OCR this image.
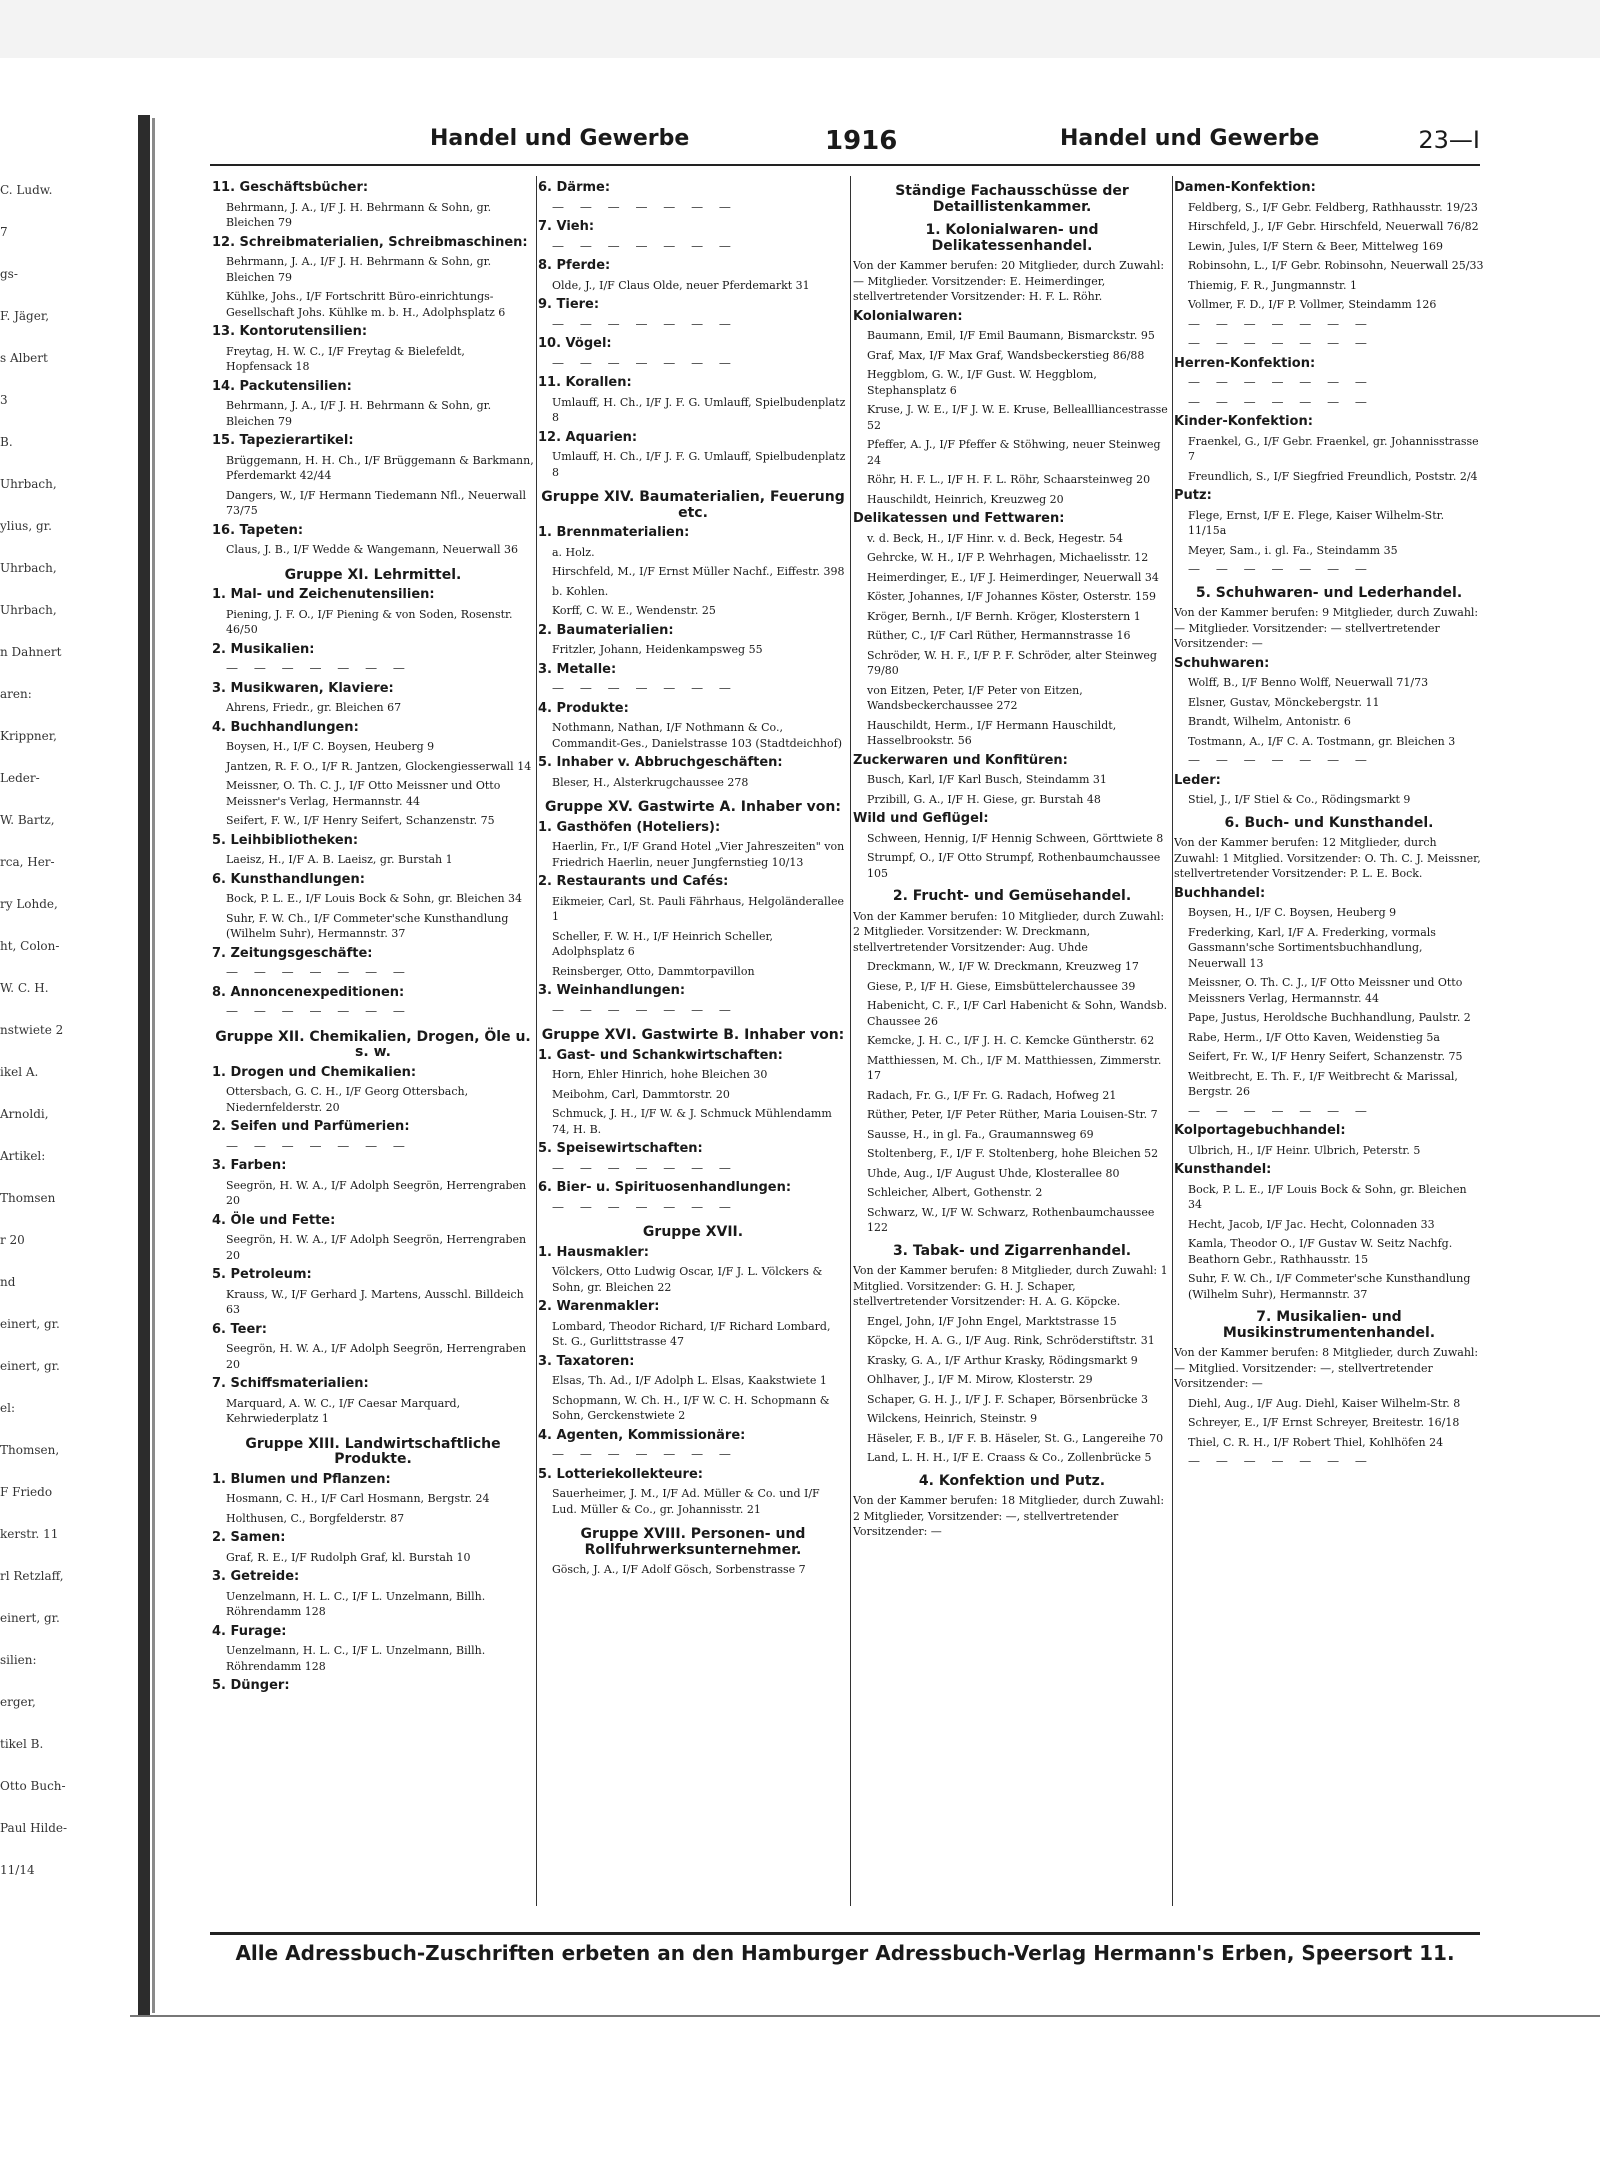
C. Ludw.
7
gs-
F. Jäger,
s Albert
3
B.
Uhrbach,
ylius, gr.
Uhrbach,
Uhrbach,
n Dahnert
aren:
Krippner,
Leder-
W. Bartz,
rca, Her-
ry Lohde,
ht, Colon-
W. C. H.
nstwiete 2
ikel A.
Arnoldi,
Artikel:
Thomsen
r 20
nd
einert, gr.
einert, gr.
el:
Thomsen,
F Friedo
kerstr. 11
rl Retzlaff,
einert, gr.
silien:
erger,
tikel B.
Otto Buch-
Paul Hilde-
11/14
Handel und Gewerbe	1916	Handel und Gewerbe	23—I
11. Geschäftsbücher:
Behrmann, J. A., I/F J. H. Behrmann & Sohn, gr. Bleichen 79
12. Schreibmaterialien, Schreibmaschinen:
Behrmann, J. A., I/F J. H. Behrmann & Sohn, gr. Bleichen 79
Kühlke, Johs., I/F Fortschritt Büro-einrichtungs-Gesellschaft Johs. Kühlke m. b. H., Adolphsplatz 6
13. Kontorutensilien:
Freytag, H. W. C., I/F Freytag & Bielefeldt, Hopfensack 18
14. Packutensilien:
Behrmann, J. A., I/F J. H. Behrmann & Sohn, gr. Bleichen 79
15. Tapezierartikel:
Brüggemann, H. H. Ch., I/F Brüggemann & Barkmann, Pferdemarkt 42/44
Dangers, W., I/F Hermann Tiedemann Nfl., Neuerwall 73/75
16. Tapeten:
Claus, J. B., I/F Wedde & Wangemann, Neuerwall 36
Gruppe XI. Lehrmittel.
1. Mal- und Zeichenutensilien:
Piening, J. F. O., I/F Piening & von Soden, Rosenstr. 46/50
2. Musikalien:
— — — — — — —
3. Musikwaren, Klaviere:
Ahrens, Friedr., gr. Bleichen 67
4. Buchhandlungen:
Boysen, H., I/F C. Boysen, Heuberg 9
Jantzen, R. F. O., I/F R. Jantzen, Glockengiesserwall 14
Meissner, O. Th. C. J., I/F Otto Meissner und Otto Meissner's Verlag, Hermannstr. 44
Seifert, F. W., I/F Henry Seifert, Schanzenstr. 75
5. Leihbibliotheken:
Laeisz, H., I/F A. B. Laeisz, gr. Burstah 1
6. Kunsthandlungen:
Bock, P. L. E., I/F Louis Bock & Sohn, gr. Bleichen 34
Suhr, F. W. Ch., I/F Commeter'sche Kunsthandlung (Wilhelm Suhr), Hermannstr. 37
7. Zeitungsgeschäfte:
— — — — — — —
8. Annoncenexpeditionen:
— — — — — — —
Gruppe XII. Chemikalien, Drogen, Öle u. s. w.
1. Drogen und Chemikalien:
Ottersbach, G. C. H., I/F Georg Ottersbach, Niedernfelderstr. 20
2. Seifen und Parfümerien:
— — — — — — —
3. Farben:
Seegrön, H. W. A., I/F Adolph Seegrön, Herrengraben 20
4. Öle und Fette:
Seegrön, H. W. A., I/F Adolph Seegrön, Herrengraben 20
5. Petroleum:
Krauss, W., I/F Gerhard J. Martens, Ausschl. Billdeich 63
6. Teer:
Seegrön, H. W. A., I/F Adolph Seegrön, Herrengraben 20
7. Schiffsmaterialien:
Marquard, A. W. C., I/F Caesar Marquard, Kehrwiederplatz 1
Gruppe XIII. Landwirtschaftliche Produkte.
1. Blumen und Pflanzen:
Hosmann, C. H., I/F Carl Hosmann, Bergstr. 24
Holthusen, C., Borgfelderstr. 87
2. Samen:
Graf, R. E., I/F Rudolph Graf, kl. Burstah 10
3. Getreide:
Uenzelmann, H. L. C., I/F L. Unzelmann, Billh. Röhrendamm 128
4. Furage:
Uenzelmann, H. L. C., I/F L. Unzelmann, Billh. Röhrendamm 128
5. Dünger:
6. Därme:
— — — — — — —
7. Vieh:
— — — — — — —
8. Pferde:
Olde, J., I/F Claus Olde, neuer Pferdemarkt 31
9. Tiere:
— — — — — — —
10. Vögel:
— — — — — — —
11. Korallen:
Umlauff, H. Ch., I/F J. F. G. Umlauff, Spielbudenplatz 8
12. Aquarien:
Umlauff, H. Ch., I/F J. F. G. Umlauff, Spielbudenplatz 8
Gruppe XIV. Baumaterialien, Feuerung etc.
1. Brennmaterialien:
a. Holz.
Hirschfeld, M., I/F Ernst Müller Nachf., Eiffestr. 398
b. Kohlen.
Korff, C. W. E., Wendenstr. 25
2. Baumaterialien:
Fritzler, Johann, Heidenkampsweg 55
3. Metalle:
— — — — — — —
4. Produkte:
Nothmann, Nathan, I/F Nothmann & Co., Commandit-Ges., Danielstrasse 103 (Stadtdeichhof)
5. Inhaber v. Abbruchgeschäften:
Bleser, H., Alsterkrugchaussee 278
Gruppe XV. Gastwirte A. Inhaber von:
1. Gasthöfen (Hoteliers):
Haerlin, Fr., I/F Grand Hotel „Vier Jahreszeiten" von Friedrich Haerlin, neuer Jungfernstieg 10/13
2. Restaurants und Cafés:
Eikmeier, Carl, St. Pauli Fährhaus, Helgoländerallee 1
Scheller, F. W. H., I/F Heinrich Scheller, Adolphsplatz 6
Reinsberger, Otto, Dammtorpavillon
3. Weinhandlungen:
— — — — — — —
Gruppe XVI. Gastwirte B. Inhaber von:
1. Gast- und Schankwirtschaften:
Horn, Ehler Hinrich, hohe Bleichen 30
Meibohm, Carl, Dammtorstr. 20
Schmuck, J. H., I/F W. & J. Schmuck Mühlendamm 74, H. B.
5. Speisewirtschaften:
— — — — — — —
6. Bier- u. Spirituosenhandlungen:
— — — — — — —
Gruppe XVII.
1. Hausmakler:
Völckers, Otto Ludwig Oscar, I/F J. L. Völckers & Sohn, gr. Bleichen 22
2. Warenmakler:
Lombard, Theodor Richard, I/F Richard Lombard, St. G., Gurlittstrasse 47
3. Taxatoren:
Elsas, Th. Ad., I/F Adolph L. Elsas, Kaakstwiete 1
Schopmann, W. Ch. H., I/F W. C. H. Schopmann & Sohn, Gerckenstwiete 2
4. Agenten, Kommissionäre:
— — — — — — —
5. Lotteriekollekteure:
Sauerheimer, J. M., I/F Ad. Müller & Co. und I/F Lud. Müller & Co., gr. Johannisstr. 21
Gruppe XVIII. Personen- und Rollfuhrwerksunternehmer.
Gösch, J. A., I/F Adolf Gösch, Sorbenstrasse 7
Ständige Fachausschüsse der Detaillistenkammer.
1. Kolonialwaren- und Delikatessenhandel.
Von der Kammer berufen: 20 Mitglieder, durch Zuwahl: — Mitglieder. Vorsitzender: E. Heimerdinger, stellvertretender Vorsitzender: H. F. L. Röhr.
Kolonialwaren:
Baumann, Emil, I/F Emil Baumann, Bismarckstr. 95
Graf, Max, I/F Max Graf, Wandsbeckerstieg 86/88
Heggblom, G. W., I/F Gust. W. Heggblom, Stephansplatz 6
Kruse, J. W. E., I/F J. W. E. Kruse, Belleallliancestrasse 52
Pfeffer, A. J., I/F Pfeffer & Stöhwing, neuer Steinweg 24
Röhr, H. F. L., I/F H. F. L. Röhr, Schaarsteinweg 20
Hauschildt, Heinrich, Kreuzweg 20
Delikatessen und Fettwaren:
v. d. Beck, H., I/F Hinr. v. d. Beck, Hegestr. 54
Gehrcke, W. H., I/F P. Wehrhagen, Michaelisstr. 12
Heimerdinger, E., I/F J. Heimerdinger, Neuerwall 34
Köster, Johannes, I/F Johannes Köster, Osterstr. 159
Kröger, Bernh., I/F Bernh. Kröger, Klosterstern 1
Rüther, C., I/F Carl Rüther, Hermannstrasse 16
Schröder, W. H. F., I/F P. F. Schröder, alter Steinweg 79/80
von Eitzen, Peter, I/F Peter von Eitzen, Wandsbeckerchaussee 272
Hauschildt, Herm., I/F Hermann Hauschildt, Hasselbrookstr. 56
Zuckerwaren und Konfitüren:
Busch, Karl, I/F Karl Busch, Steindamm 31
Przibill, G. A., I/F H. Giese, gr. Burstah 48
Wild und Geflügel:
Schween, Hennig, I/F Hennig Schween, Görttwiete 8
Strumpf, O., I/F Otto Strumpf, Rothenbaumchaussee 105
2. Frucht- und Gemüsehandel.
Von der Kammer berufen: 10 Mitglieder, durch Zuwahl: 2 Mitglieder. Vorsitzender: W. Dreckmann, stellvertretender Vorsitzender: Aug. Uhde
Dreckmann, W., I/F W. Dreckmann, Kreuzweg 17
Giese, P., I/F H. Giese, Eimsbüttelerchaussee 39
Habenicht, C. F., I/F Carl Habenicht & Sohn, Wandsb. Chaussee 26
Kemcke, J. H. C., I/F J. H. C. Kemcke Güntherstr. 62
Matthiessen, M. Ch., I/F M. Matthiessen, Zimmerstr. 17
Radach, Fr. G., I/F Fr. G. Radach, Hofweg 21
Rüther, Peter, I/F Peter Rüther, Maria Louisen-Str. 7
Sausse, H., in gl. Fa., Graumannsweg 69
Stoltenberg, F., I/F F. Stoltenberg, hohe Bleichen 52
Uhde, Aug., I/F August Uhde, Klosterallee 80
Schleicher, Albert, Gothenstr. 2
Schwarz, W., I/F W. Schwarz, Rothenbaumchaussee 122
3. Tabak- und Zigarrenhandel.
Von der Kammer berufen: 8 Mitglieder, durch Zuwahl: 1 Mitglied. Vorsitzender: G. H. J. Schaper, stellvertretender Vorsitzender: H. A. G. Köpcke.
Engel, John, I/F John Engel, Marktstrasse 15
Köpcke, H. A. G., I/F Aug. Rink, Schröderstiftstr. 31
Krasky, G. A., I/F Arthur Krasky, Rödingsmarkt 9
Ohlhaver, J., I/F M. Mirow, Klosterstr. 29
Schaper, G. H. J., I/F J. F. Schaper, Börsenbrücke 3
Wilckens, Heinrich, Steinstr. 9
Häseler, F. B., I/F F. B. Häseler, St. G., Langereihe 70
Land, L. H. H., I/F E. Craass & Co., Zollenbrücke 5
4. Konfektion und Putz.
Von der Kammer berufen: 18 Mitglieder, durch Zuwahl: 2 Mitglieder, Vorsitzender: —, stellvertretender Vorsitzender: —
Damen-Konfektion:
Feldberg, S., I/F Gebr. Feldberg, Rathhausstr. 19/23
Hirschfeld, J., I/F Gebr. Hirschfeld, Neuerwall 76/82
Lewin, Jules, I/F Stern & Beer, Mittelweg 169
Robinsohn, L., I/F Gebr. Robinsohn, Neuerwall 25/33
Thiemig, F. R., Jungmannstr. 1
Vollmer, F. D., I/F P. Vollmer, Steindamm 126
— — — — — — —
— — — — — — —
Herren-Konfektion:
— — — — — — —
— — — — — — —
Kinder-Konfektion:
Fraenkel, G., I/F Gebr. Fraenkel, gr. Johannisstrasse 7
Freundlich, S., I/F Siegfried Freundlich, Poststr. 2/4
Putz:
Flege, Ernst, I/F E. Flege, Kaiser Wilhelm-Str. 11/15a
Meyer, Sam., i. gl. Fa., Steindamm 35
— — — — — — —
5. Schuhwaren- und Lederhandel.
Von der Kammer berufen: 9 Mitglieder, durch Zuwahl: — Mitglieder. Vorsitzender: — stellvertretender Vorsitzender: —
Schuhwaren:
Wolff, B., I/F Benno Wolff, Neuerwall 71/73
Elsner, Gustav, Mönckebergstr. 11
Brandt, Wilhelm, Antonistr. 6
Tostmann, A., I/F C. A. Tostmann, gr. Bleichen 3
— — — — — — —
Leder:
Stiel, J., I/F Stiel & Co., Rödingsmarkt 9
6. Buch- und Kunsthandel.
Von der Kammer berufen: 12 Mitglieder, durch Zuwahl: 1 Mitglied. Vorsitzender: O. Th. C. J. Meissner, stellvertretender Vorsitzender: P. L. E. Bock.
Buchhandel:
Boysen, H., I/F C. Boysen, Heuberg 9
Frederking, Karl, I/F A. Frederking, vormals Gassmann'sche Sortimentsbuchhandlung, Neuerwall 13
Meissner, O. Th. C. J., I/F Otto Meissner und Otto Meissners Verlag, Hermannstr. 44
Pape, Justus, Heroldsche Buchhandlung, Paulstr. 2
Rabe, Herm., I/F Otto Kaven, Weidenstieg 5a
Seifert, Fr. W., I/F Henry Seifert, Schanzenstr. 75
Weitbrecht, E. Th. F., I/F Weitbrecht & Marissal, Bergstr. 26
— — — — — — —
Kolportagebuchhandel:
Ulbrich, H., I/F Heinr. Ulbrich, Peterstr. 5
Kunsthandel:
Bock, P. L. E., I/F Louis Bock & Sohn, gr. Bleichen 34
Hecht, Jacob, I/F Jac. Hecht, Colonnaden 33
Kamla, Theodor O., I/F Gustav W. Seitz Nachfg. Beathorn Gebr., Rathhausstr. 15
Suhr, F. W. Ch., I/F Commeter'sche Kunsthandlung (Wilhelm Suhr), Hermannstr. 37
7. Musikalien- und Musikinstrumentenhandel.
Von der Kammer berufen: 8 Mitglieder, durch Zuwahl: — Mitglied. Vorsitzender: —, stellvertretender Vorsitzender: —
Diehl, Aug., I/F Aug. Diehl, Kaiser Wilhelm-Str. 8
Schreyer, E., I/F Ernst Schreyer, Breitestr. 16/18
Thiel, C. R. H., I/F Robert Thiel, Kohlhöfen 24
— — — — — — —
Alle Adressbuch-Zuschriften erbeten an den Hamburger Adressbuch-Verlag Hermann's Erben, Speersort 11.
